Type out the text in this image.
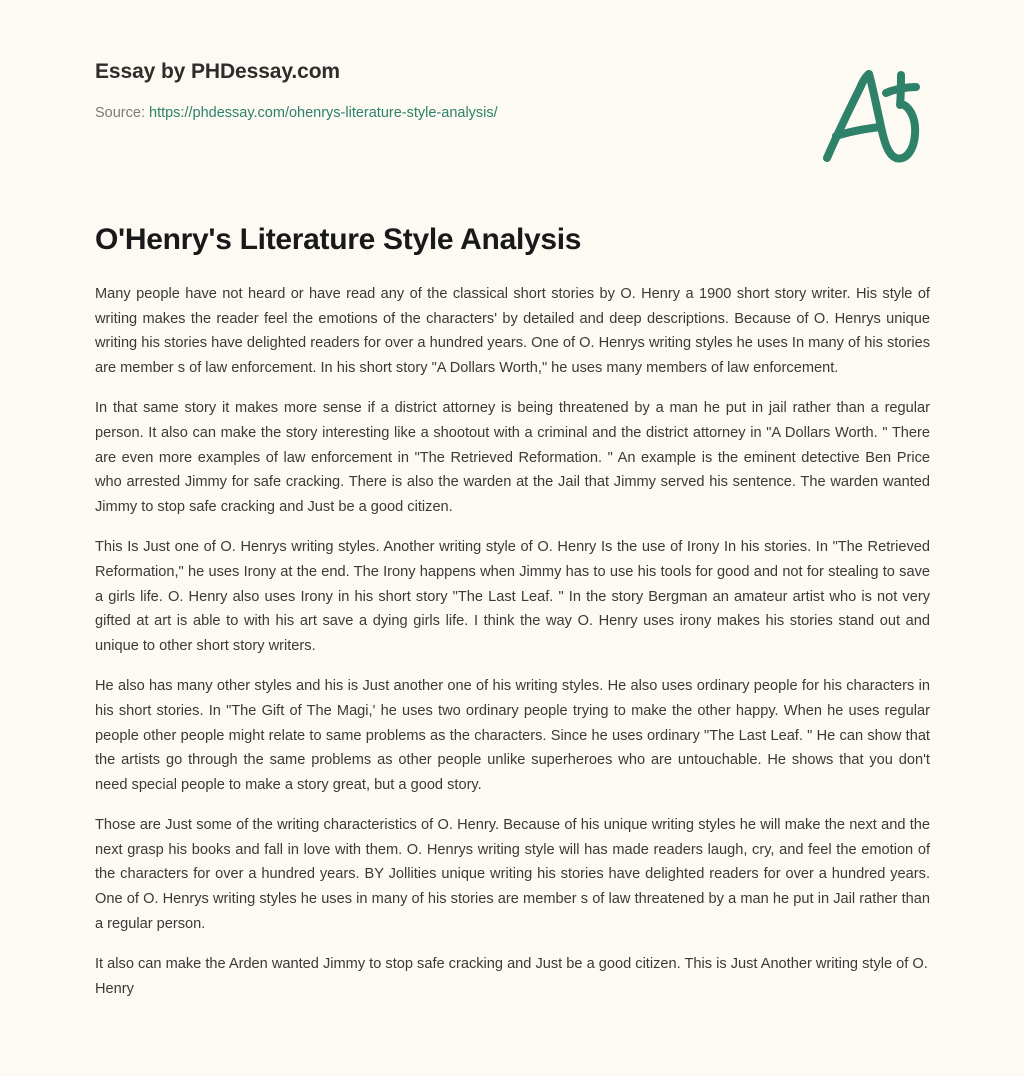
Essay by PHDessay.com
Source: https://phdessay.com/ohenrys-literature-style-analysis/
O'Henry's Literature Style Analysis

Many people have not heard or have read any of the classical short stories by O. Henry a 1900 short story writer. His style of writing makes the reader feel the emotions of the characters' by detailed and deep descriptions. Because of O. Henrys unique writing his stories have delighted readers for over a hundred years. One of O. Henrys writing styles he uses In many of his stories are member s of law enforcement. In his short story "A Dollars Worth," he uses many members of law enforcement.

In that same story it makes more sense if a district attorney is being threatened by a man he put in jail rather than a regular person. It also can make the story interesting like a shootout with a criminal and the district attorney in "A Dollars Worth. " There are even more examples of law enforcement in "The Retrieved Reformation. " An example is the eminent detective Ben Price who arrested Jimmy for safe cracking. There is also the warden at the Jail that Jimmy served his sentence. The warden wanted Jimmy to stop safe cracking and Just be a good citizen.

This Is Just one of O. Henrys writing styles. Another writing style of O. Henry Is the use of Irony In his stories. In "The Retrieved Reformation," he uses Irony at the end. The Irony happens when Jimmy has to use his tools for good and not for stealing to save a girls life. O. Henry also uses Irony in his short story "The Last Leaf. " In the story Bergman an amateur artist who is not very gifted at art is able to with his art save a dying girls life. I think the way O. Henry uses irony makes his stories stand out and unique to other short story writers.

He also has many other styles and his is Just another one of his writing styles. He also uses ordinary people for his characters in his short stories. In "The Gift of The Magi,' he uses two ordinary people trying to make the other happy. When he uses regular people other people might relate to same problems as the characters. Since he uses ordinary "The Last Leaf. " He can show that the artists go through the same problems as other people unlike superheroes who are untouchable. He shows that you don't need special people to make a story great, but a good story.

Those are Just some of the writing characteristics of O. Henry. Because of his unique writing styles he will make the next and the next grasp his books and fall in love with them. O. Henrys writing style will has made readers laugh, cry, and feel the emotion of the characters for over a hundred years. BY Jollities unique writing his stories have delighted readers for over a hundred years. One of O. Henrys writing styles he uses in many of his stories are member s of law threatened by a man he put in Jail rather than a regular person.

It also can make the Arden wanted Jimmy to stop safe cracking and Just be a good citizen. This is Just Another writing style of O. Henry
